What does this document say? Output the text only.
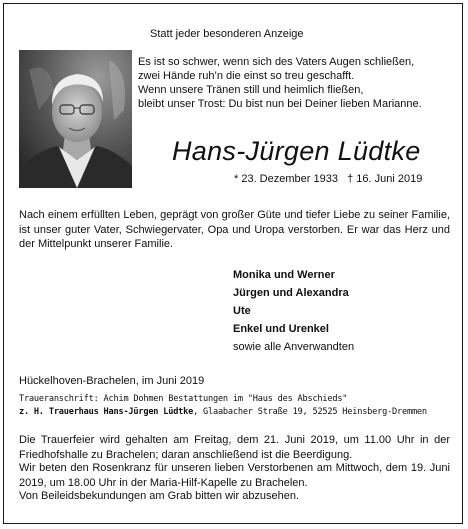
Statt jeder besonderen Anzeige
Es ist so schwer, wenn sich des Vaters Augen schließen,
zwei Hände ruh’n die einst so treu geschafft.
Wenn unsere Tränen still und heimlich fließen,
bleibt unser Trost: Du bist nun bei Deiner lieben Marianne.
Hans-Jürgen Lüdtke
* 23. Dezember 1933   † 16. Juni 2019
Nach einem erfüllten Leben, geprägt von großer Güte und tiefer Liebe zu seiner Familie, ist unser guter Vater, Schwiegervater, Opa und Uropa verstorben. Er war das Herz und der Mittelpunkt unserer Familie.
Monika und Werner
Jürgen und Alexandra
Ute
Enkel und Urenkel
sowie alle Anverwandten
Hückelhoven-Brachelen, im Juni 2019
Traueranschrift: Achim Dohmen Bestattungen im "Haus des Abschieds"
z. H. Trauerhaus Hans-Jürgen Lüdtke, Glaabacher Straße 19, 52525 Heinsberg-Dremmen
Die Trauerfeier wird gehalten am Freitag, dem 21. Juni 2019, um 11.00 Uhr in der Friedhofshalle zu Brachelen; daran anschließend ist die Beerdigung.
Wir beten den Rosenkranz für unseren lieben Verstorbenen am Mittwoch, dem 19. Juni 2019, um 18.00 Uhr in der Maria-Hilf-Kapelle zu Brachelen.
Von Beileidsbekundungen am Grab bitten wir abzusehen.
